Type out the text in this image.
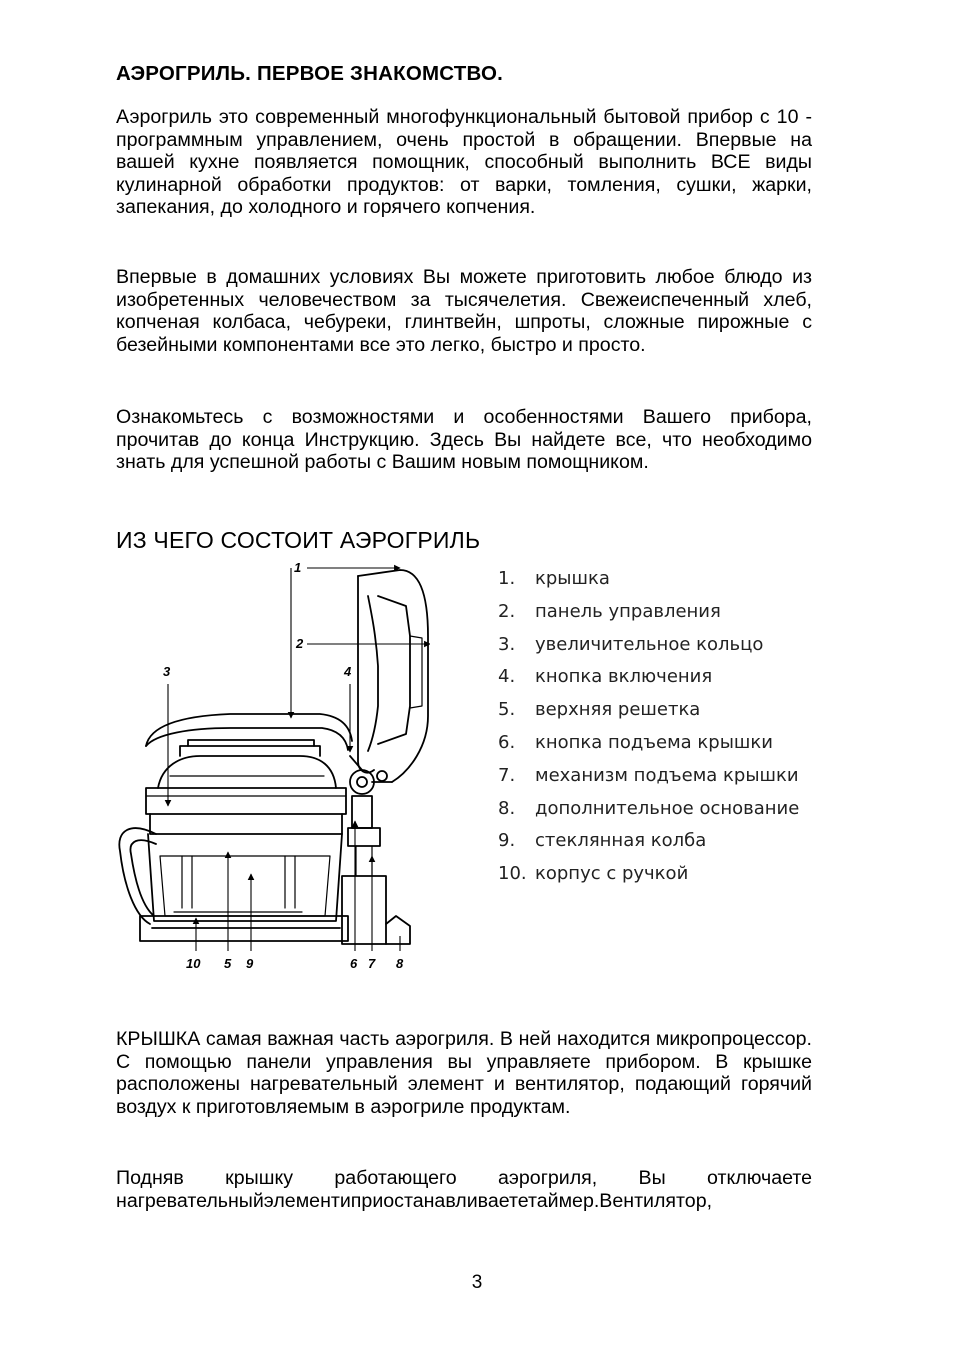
АЭРОГРИЛЬ. ПЕРВОЕ ЗНАКОМСТВО.
Аэрогриль это современный многофункциональный бытовой прибор с 10 - программным управлением, очень простой в обращении. Впервые на вашей кухне появляется помощник, способный выполнить ВСЕ виды кулинарной обработки продуктов: от варки, томления, сушки, жарки, запекания, до холодного и горячего копчения.
Впервые в домашних условиях Вы можете приготовить любое блюдо из изобретенных человечеством за тысячелетия. Свежеиспеченный хлеб, копченая колбаса, чебуреки, глинтвейн, шпроты, сложные пирожные с безейными компонентами все это легко, быстро и просто.
Ознакомьтесь с возможностями и особенностями Вашего прибора, прочитав до конца Инструкцию. Здесь Вы найдете все, что необходимо знать для успешной работы с Вашим новым помощником.
ИЗ ЧЕГО СОСТОИТ АЭРОГРИЛЬ
1
2
3	4
10 5 9	6 7 8
1. крышка
2. панель управления
3. увеличительное кольцо
4. кнопка включения
5. верхняя решетка
6. кнопка подъема крышки
7. механизм подъема крышки
8. дополнительное основание
9. стеклянная колба
10. корпус с ручкой
КРЫШКА самая важная часть аэрогриля. В ней находится микропроцессор. С помощью панели управления вы управляете прибором. В крышке расположены нагревательный элемент и вентилятор, подающий горячий воздух к приготовляемым в аэрогриле продуктам.
Подняв крышку работающего аэрогриля, Вы отключаете нагревательныйэлементиприостанавливаететаймер.Вентилятор,
3
